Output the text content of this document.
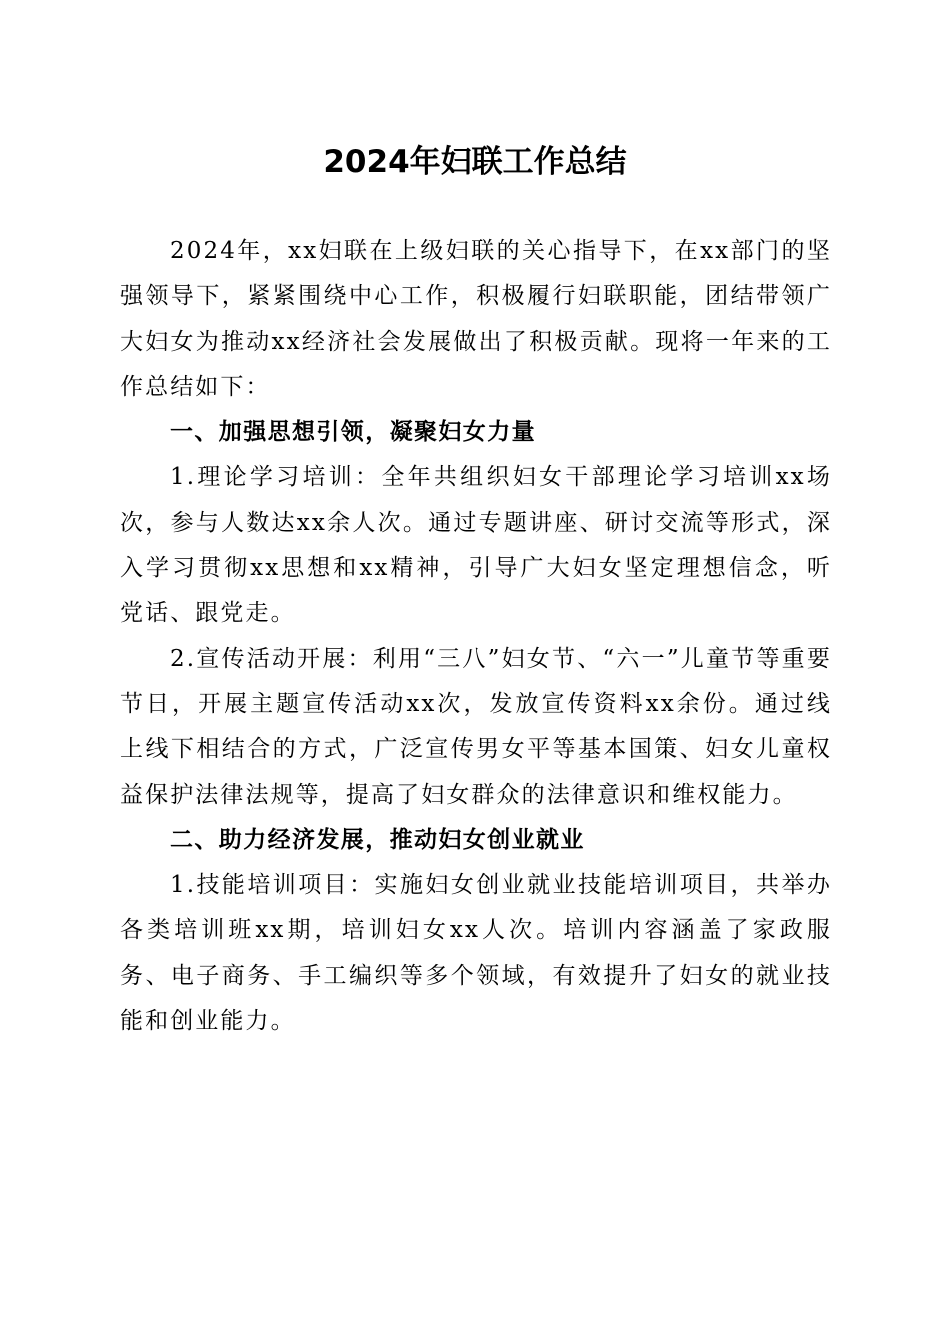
2024年妇联工作总结

2024年，xx妇联在上级妇联的关心指导下，在xx部门的坚强领导下，紧紧围绕中心工作，积极履行妇联职能，团结带领广大妇女为推动xx经济社会发展做出了积极贡献。现将一年来的工作总结如下：

一、加强思想引领，凝聚妇女力量

1.理论学习培训：全年共组织妇女干部理论学习培训xx场次，参与人数达xx余人次。通过专题讲座、研讨交流等形式，深入学习贯彻xx思想和xx精神，引导广大妇女坚定理想信念，听党话、跟党走。

2.宣传活动开展：利用“三八”妇女节、“六一”儿童节等重要节日，开展主题宣传活动xx次，发放宣传资料xx余份。通过线上线下相结合的方式，广泛宣传男女平等基本国策、妇女儿童权益保护法律法规等，提高了妇女群众的法律意识和维权能力。

二、助力经济发展，推动妇女创业就业

1.技能培训项目：实施妇女创业就业技能培训项目，共举办各类培训班xx期，培训妇女xx人次。培训内容涵盖了家政服务、电子商务、手工编织等多个领域，有效提升了妇女的就业技能和创业能力。
